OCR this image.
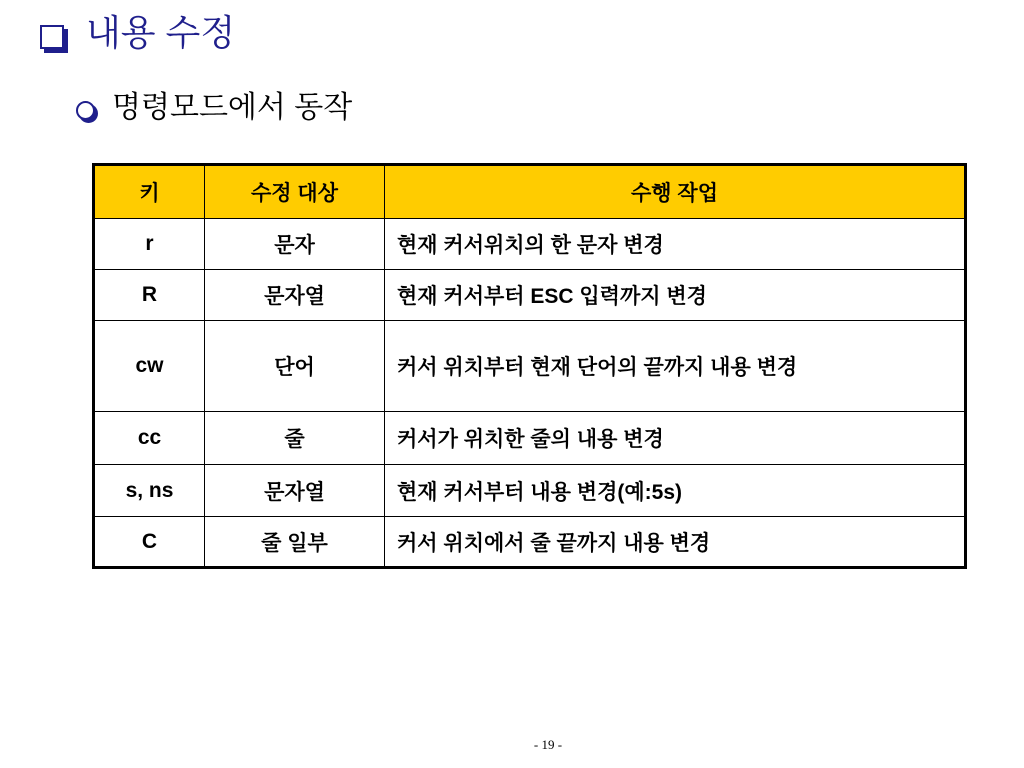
내용 수정
명령모드에서 동작
키	수정 대상	수행 작업
r	문자	현재 커서위치의 한 문자 변경
R	문자열	현재 커서부터 ESC 입력까지 변경
cw	단어	커서 위치부터 현재 단어의 끝까지 내용 변경
cc	줄	커서가 위치한 줄의 내용 변경
s, ns	문자열	현재 커서부터 내용 변경(예:5s)
C	줄 일부	커서 위치에서 줄 끝까지 내용 변경
- 19 -
